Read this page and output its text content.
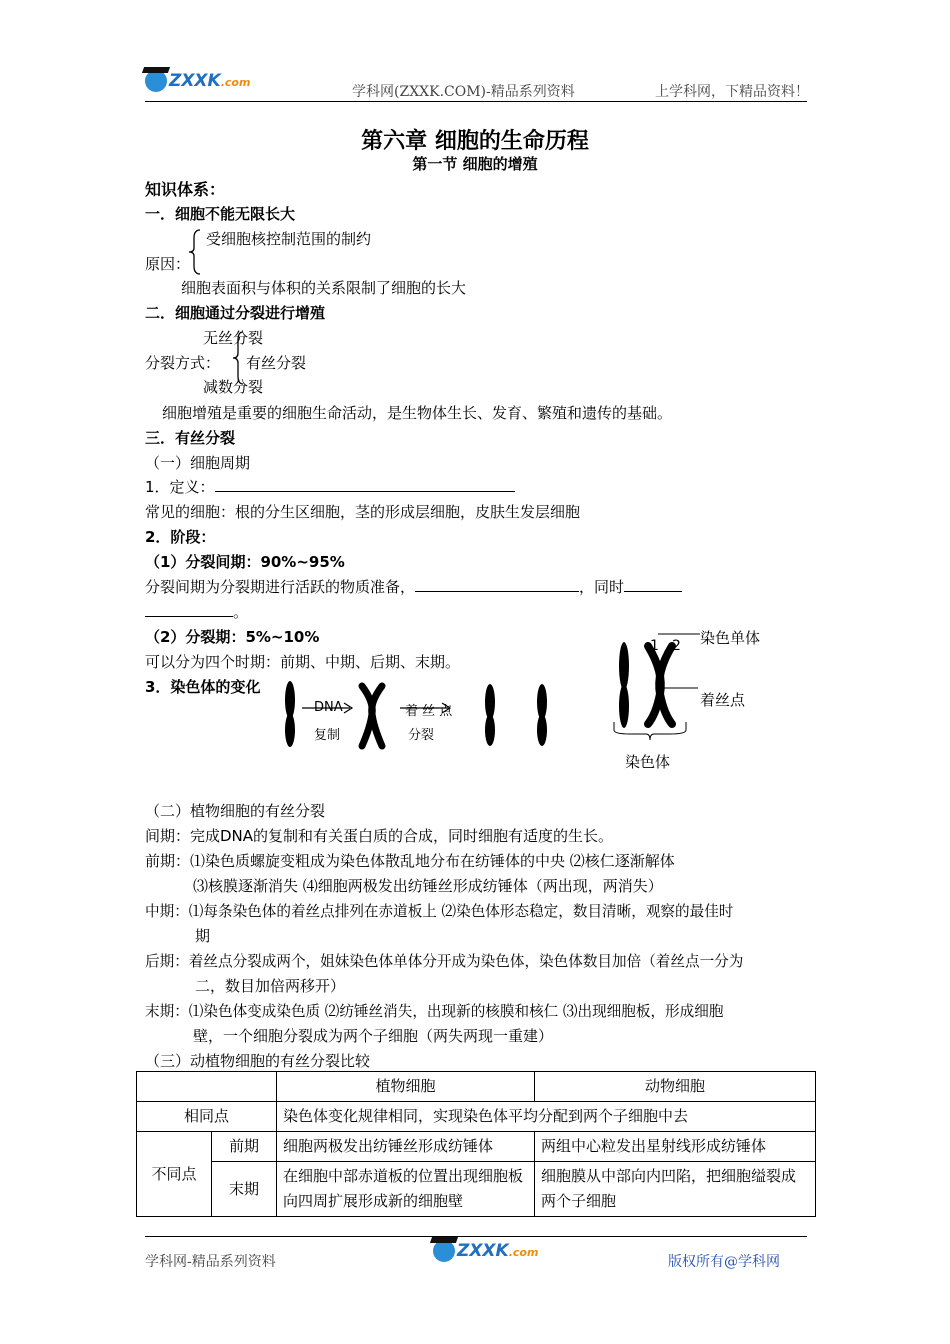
ZXXK.com
学科网(ZXXK.COM)-精品系列资料	上学科网，下精品资料！
第六章 细胞的生命历程
第一节 细胞的增殖
知识体系：
一．细胞不能无限长大
受细胞核控制范围的制约
原因：
细胞表面积与体积的关系限制了细胞的长大
二．细胞通过分裂进行增殖
无丝分裂
分裂方式： 有丝分裂
减数分裂
细胞增殖是重要的细胞生命活动，是生物体生长、发育、繁殖和遗传的基础。
三．有丝分裂
（一）细胞周期
1．定义：
常见的细胞：根的分生区细胞，茎的形成层细胞，皮肤生发层细胞
2．阶段：
（1）分裂间期：90%~95%
分裂间期为分裂期进行活跃的物质准备，	，同时
。
（2）分裂期：5%~10%
可以分为四个时期：前期、中期、后期、末期。
3．染色体的变化
DNA
复制
着 丝 点
分裂
染色单体
1 2
着丝点
染色体
（二）植物细胞的有丝分裂
间期：完成DNA的复制和有关蛋白质的合成，同时细胞有适度的生长。
前期：⑴染色质螺旋变粗成为染色体散乱地分布在纺锤体的中央 ⑵核仁逐渐解体
⑶核膜逐渐消失 ⑷细胞两极发出纺锤丝形成纺锤体（两出现，两消失）
中期：⑴每条染色体的着丝点排列在赤道板上 ⑵染色体形态稳定，数目清晰，观察的最佳时
期
后期：着丝点分裂成两个，姐妹染色体单体分开成为染色体，染色体数目加倍（着丝点一分为
二，数目加倍两移开）
末期：⑴染色体变成染色质 ⑵纺锤丝消失，出现新的核膜和核仁 ⑶出现细胞板，形成细胞
壁，一个细胞分裂成为两个子细胞（两失两现一重建）
（三）动植物细胞的有丝分裂比较
		植物细胞	动物细胞
相同点		染色体变化规律相同，实现染色体平均分配到两个子细胞中去	
不同点	前期	细胞两极发出纺锤丝形成纺锤体	两组中心粒发出星射线形成纺锤体
	末期	在细胞中部赤道板的位置出现细胞板向四周扩展形成新的细胞壁	细胞膜从中部向内凹陷，把细胞缢裂成两个子细胞
学科网-精品系列资料
ZXXK.com
版权所有@学科网
